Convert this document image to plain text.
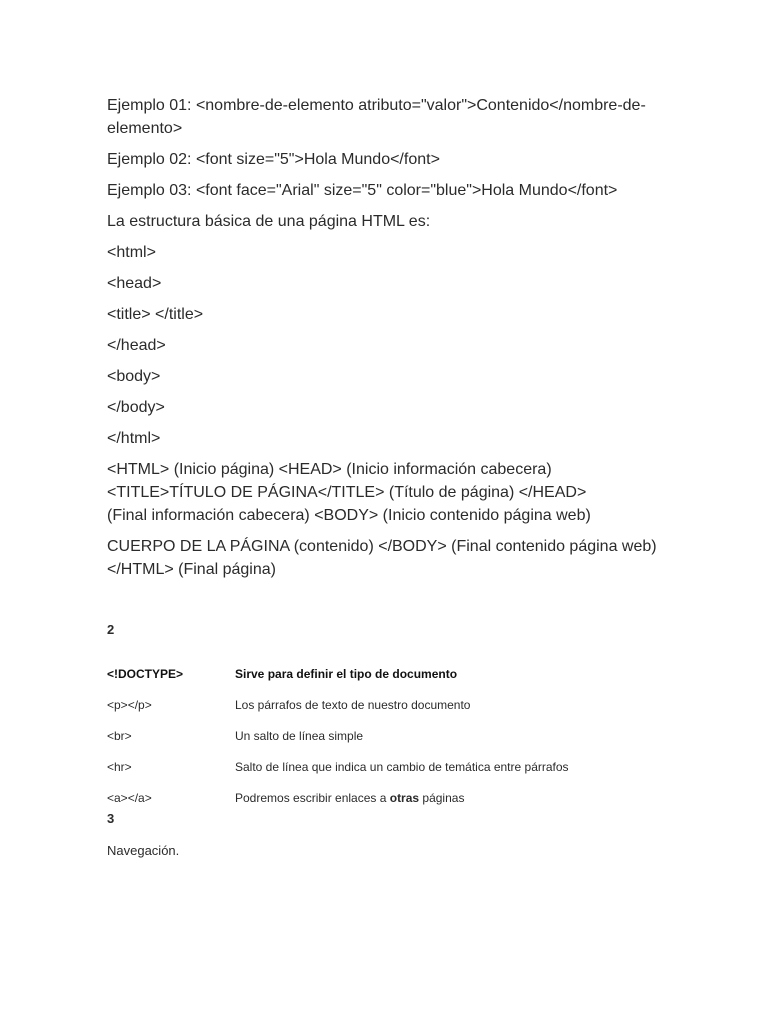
Ejemplo 01: <nombre-de-elemento atributo="valor">Contenido</nombre-de-elemento>

Ejemplo 02: <font size="5">Hola Mundo</font>

Ejemplo 03: <font face="Arial" size="5" color="blue">Hola Mundo</font>

La estructura básica de una página HTML es:

<html>

<head>

<title> </title>

</head>

<body>

</body>

</html>

<HTML> (Inicio página) <HEAD> (Inicio información cabecera)
<TITLE>TÍTULO DE PÁGINA</TITLE> (Título de página) </HEAD>
(Final información cabecera) <BODY> (Inicio contenido página web)

CUERPO DE LA PÁGINA (contenido) </BODY> (Final contenido página web) </HTML> (Final página)

2

<!DOCTYPE>	Sirve para definir el tipo de documento
<p></p>	Los párrafos de texto de nuestro documento
<br>	Un salto de línea simple
<hr>	Salto de línea que indica un cambio de temática entre párrafos
<a></a>	Podremos escribir enlaces a otras páginas

3

Navegación.
